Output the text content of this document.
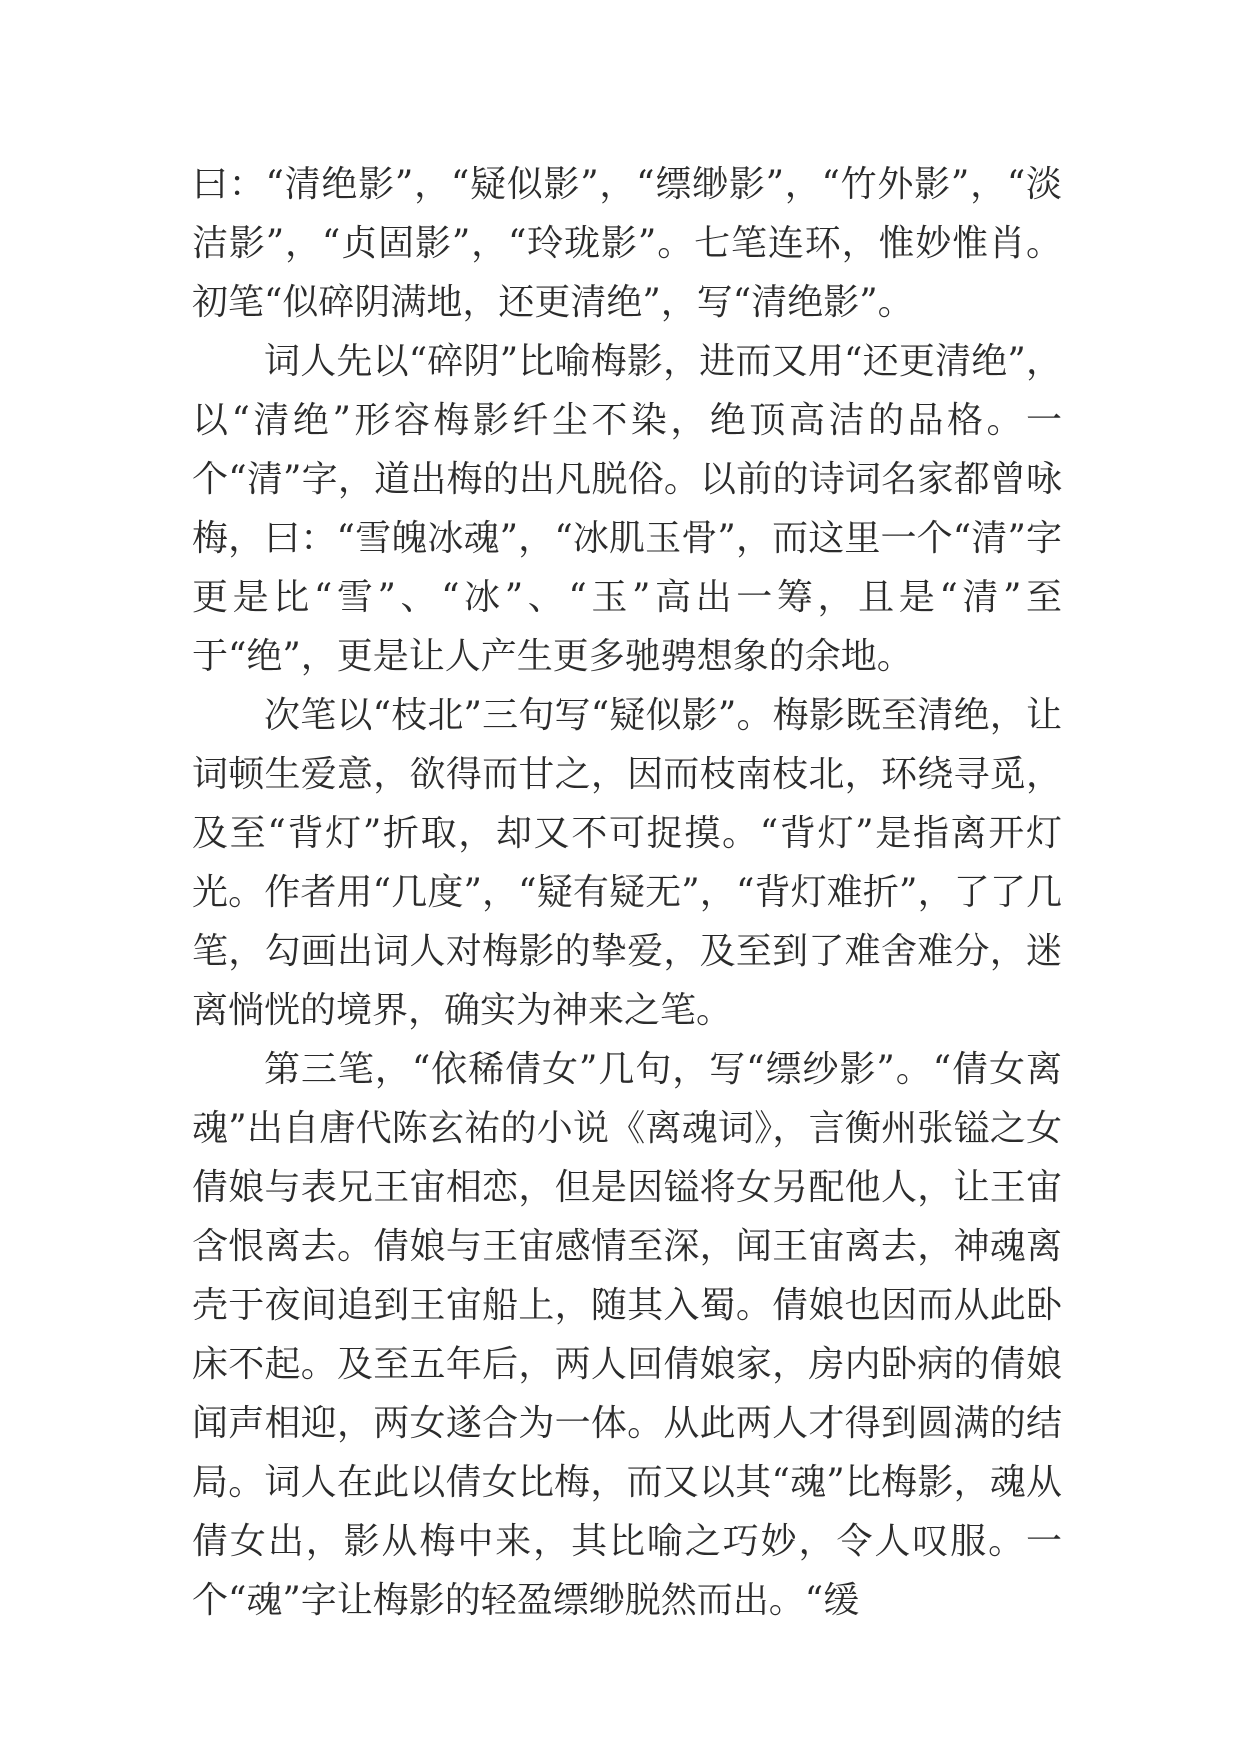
曰：“清绝影”，“疑似影”，“缥缈影”，“竹外影”，“淡洁影”，“贞固影”，“玲珑影”。七笔连环，惟妙惟肖。初笔“似碎阴满地，还更清绝”，写“清绝影”。

词人先以“碎阴”比喻梅影，进而又用“还更清绝”，以“清绝”形容梅影纤尘不染，绝顶高洁的品格。一个“清”字，道出梅的出凡脱俗。以前的诗词名家都曾咏梅，曰：“雪魄冰魂”，“冰肌玉骨”，而这里一个“清”字更是比“雪”、“冰”、“玉”高出一筹，且是“清”至于“绝”，更是让人产生更多驰骋想象的余地。

次笔以“枝北”三句写“疑似影”。梅影既至清绝，让词顿生爱意，欲得而甘之，因而枝南枝北，环绕寻觅，及至“背灯”折取，却又不可捉摸。“背灯”是指离开灯光。作者用“几度”，“疑有疑无”，“背灯难折”，了了几笔，勾画出词人对梅影的挚爱，及至到了难舍难分，迷离惝恍的境界，确实为神来之笔。

第三笔，“依稀倩女”几句，写“缥纱影”。“倩女离魂”出自唐代陈玄祐的小说《离魂词》，言衡州张镒之女倩娘与表兄王宙相恋，但是因镒将女另配他人，让王宙含恨离去。倩娘与王宙感情至深，闻王宙离去，神魂离壳于夜间追到王宙船上，随其入蜀。倩娘也因而从此卧床不起。及至五年后，两人回倩娘家，房内卧病的倩娘闻声相迎，两女遂合为一体。从此两人才得到圆满的结局。词人在此以倩女比梅，而又以其“魂”比梅影，魂从倩女出，影从梅中来，其比喻之巧妙，令人叹服。一个“魂”字让梅影的轻盈缥缈脱然而出。“缓
